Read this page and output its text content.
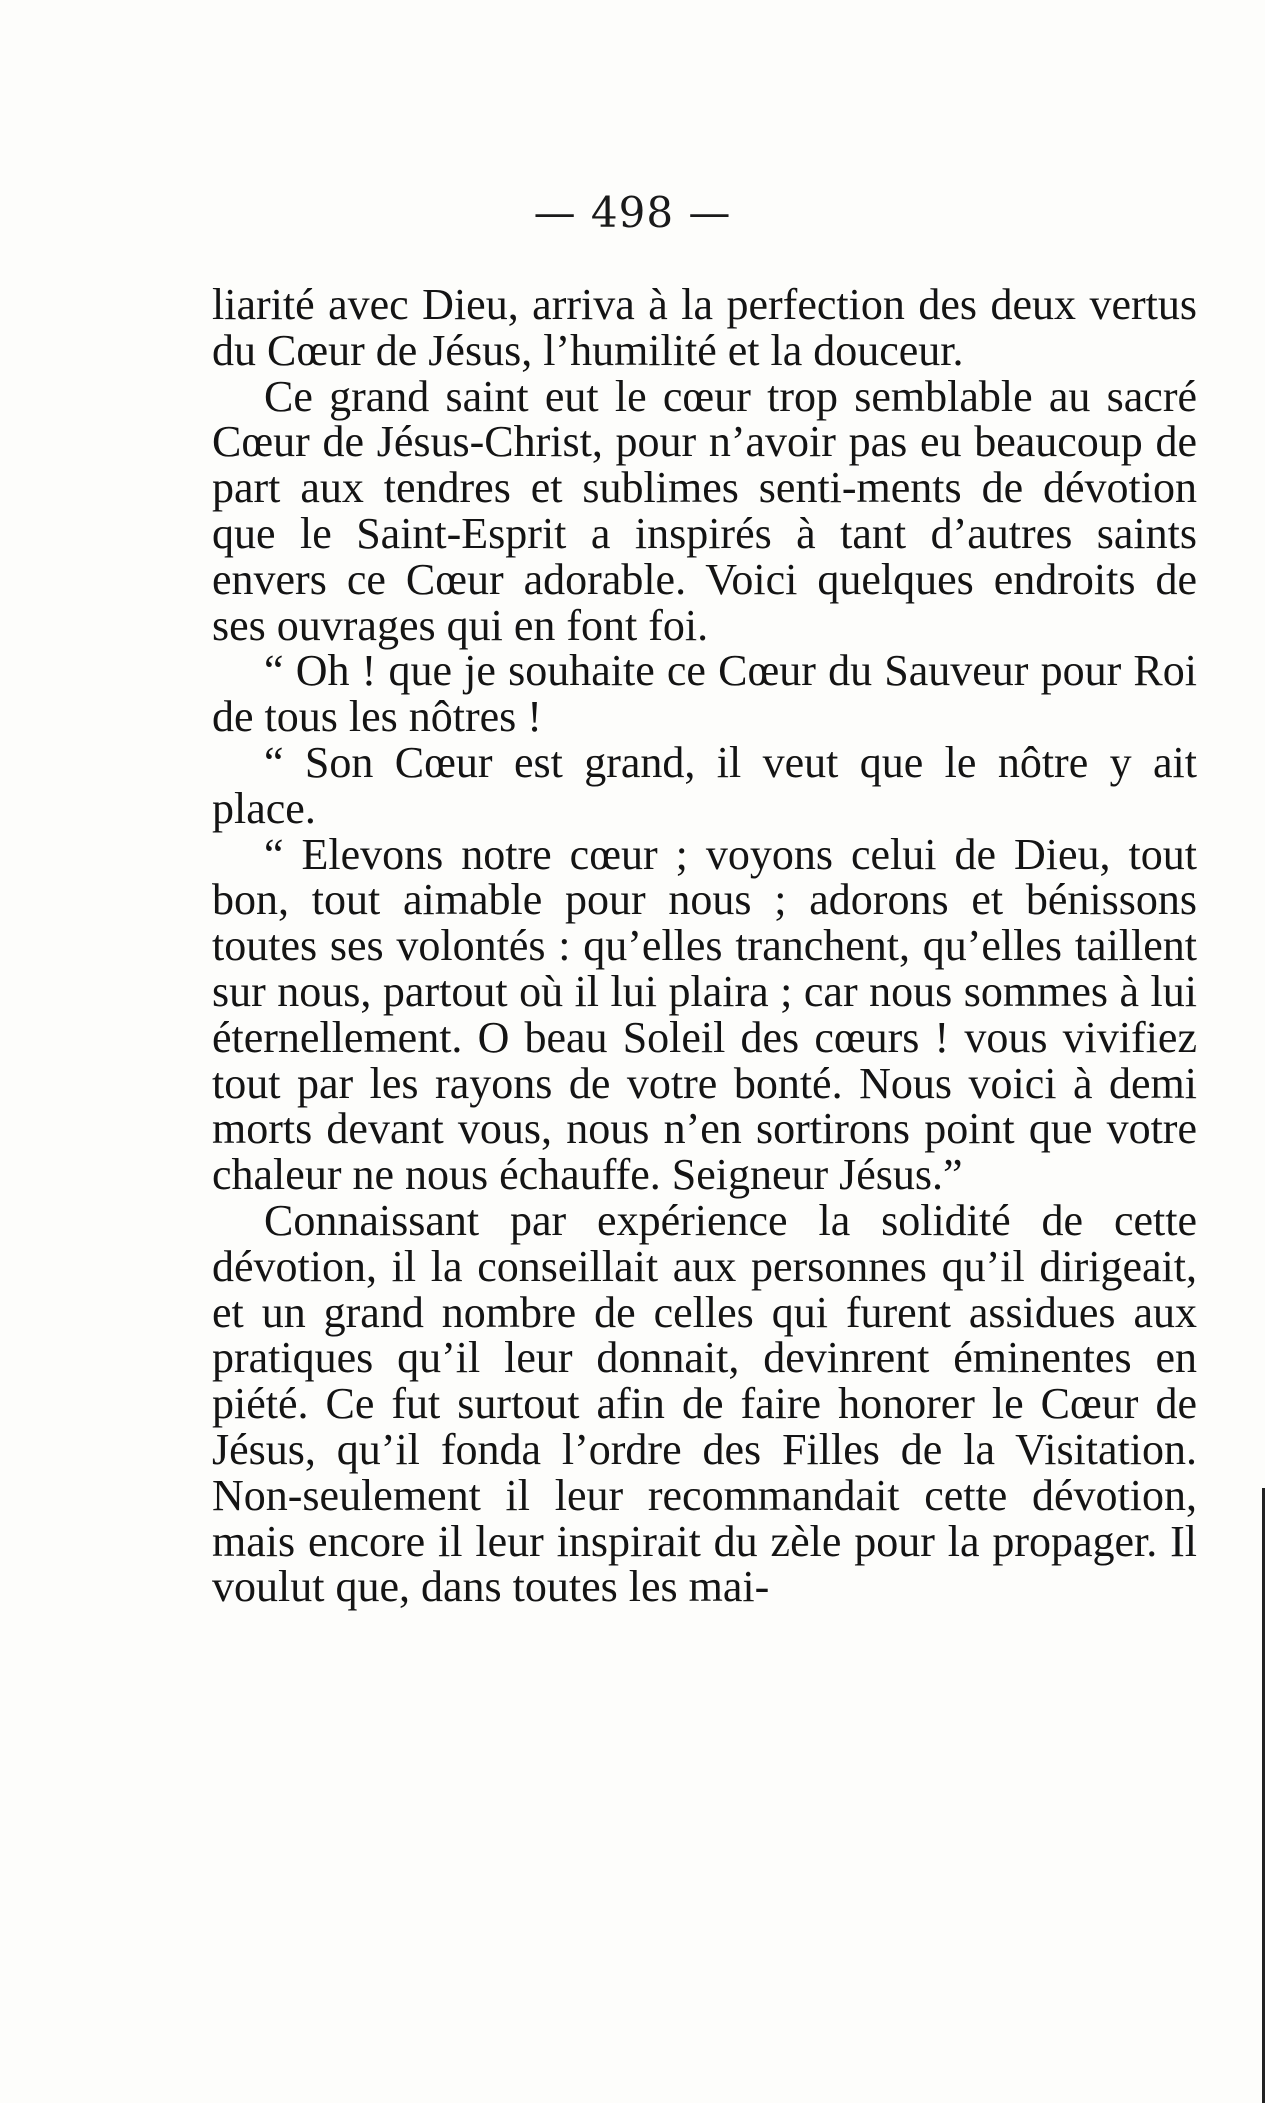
— 498 —

liarité avec Dieu, arriva à la perfection des deux vertus du Cœur de Jésus, l’humilité et la douceur.

Ce grand saint eut le cœur trop semblable au sacré Cœur de Jésus-Christ, pour n’avoir pas eu beaucoup de part aux tendres et sublimes senti-ments de dévotion que le Saint-Esprit a inspirés à tant d’autres saints envers ce Cœur adorable. Voici quelques endroits de ses ouvrages qui en font foi.

“ Oh ! que je souhaite ce Cœur du Sauveur pour Roi de tous les nôtres !

“ Son Cœur est grand, il veut que le nôtre y ait place.

“ Elevons notre cœur ; voyons celui de Dieu, tout bon, tout aimable pour nous ; adorons et bénissons toutes ses volontés : qu’elles tranchent, qu’elles taillent sur nous, partout où il lui plaira ; car nous sommes à lui éternellement. O beau Soleil des cœurs ! vous vivifiez tout par les rayons de votre bonté. Nous voici à demi morts devant vous, nous n’en sortirons point que votre chaleur ne nous échauffe. Seigneur Jésus.”

Connaissant par expérience la solidité de cette dévotion, il la conseillait aux personnes qu’il dirigeait, et un grand nombre de celles qui furent assidues aux pratiques qu’il leur donnait, devinrent éminentes en piété. Ce fut surtout afin de faire honorer le Cœur de Jésus, qu’il fonda l’ordre des Filles de la Visitation. Non-seulement il leur recommandait cette dévotion, mais encore il leur inspirait du zèle pour la propager. Il voulut que, dans toutes les mai-
